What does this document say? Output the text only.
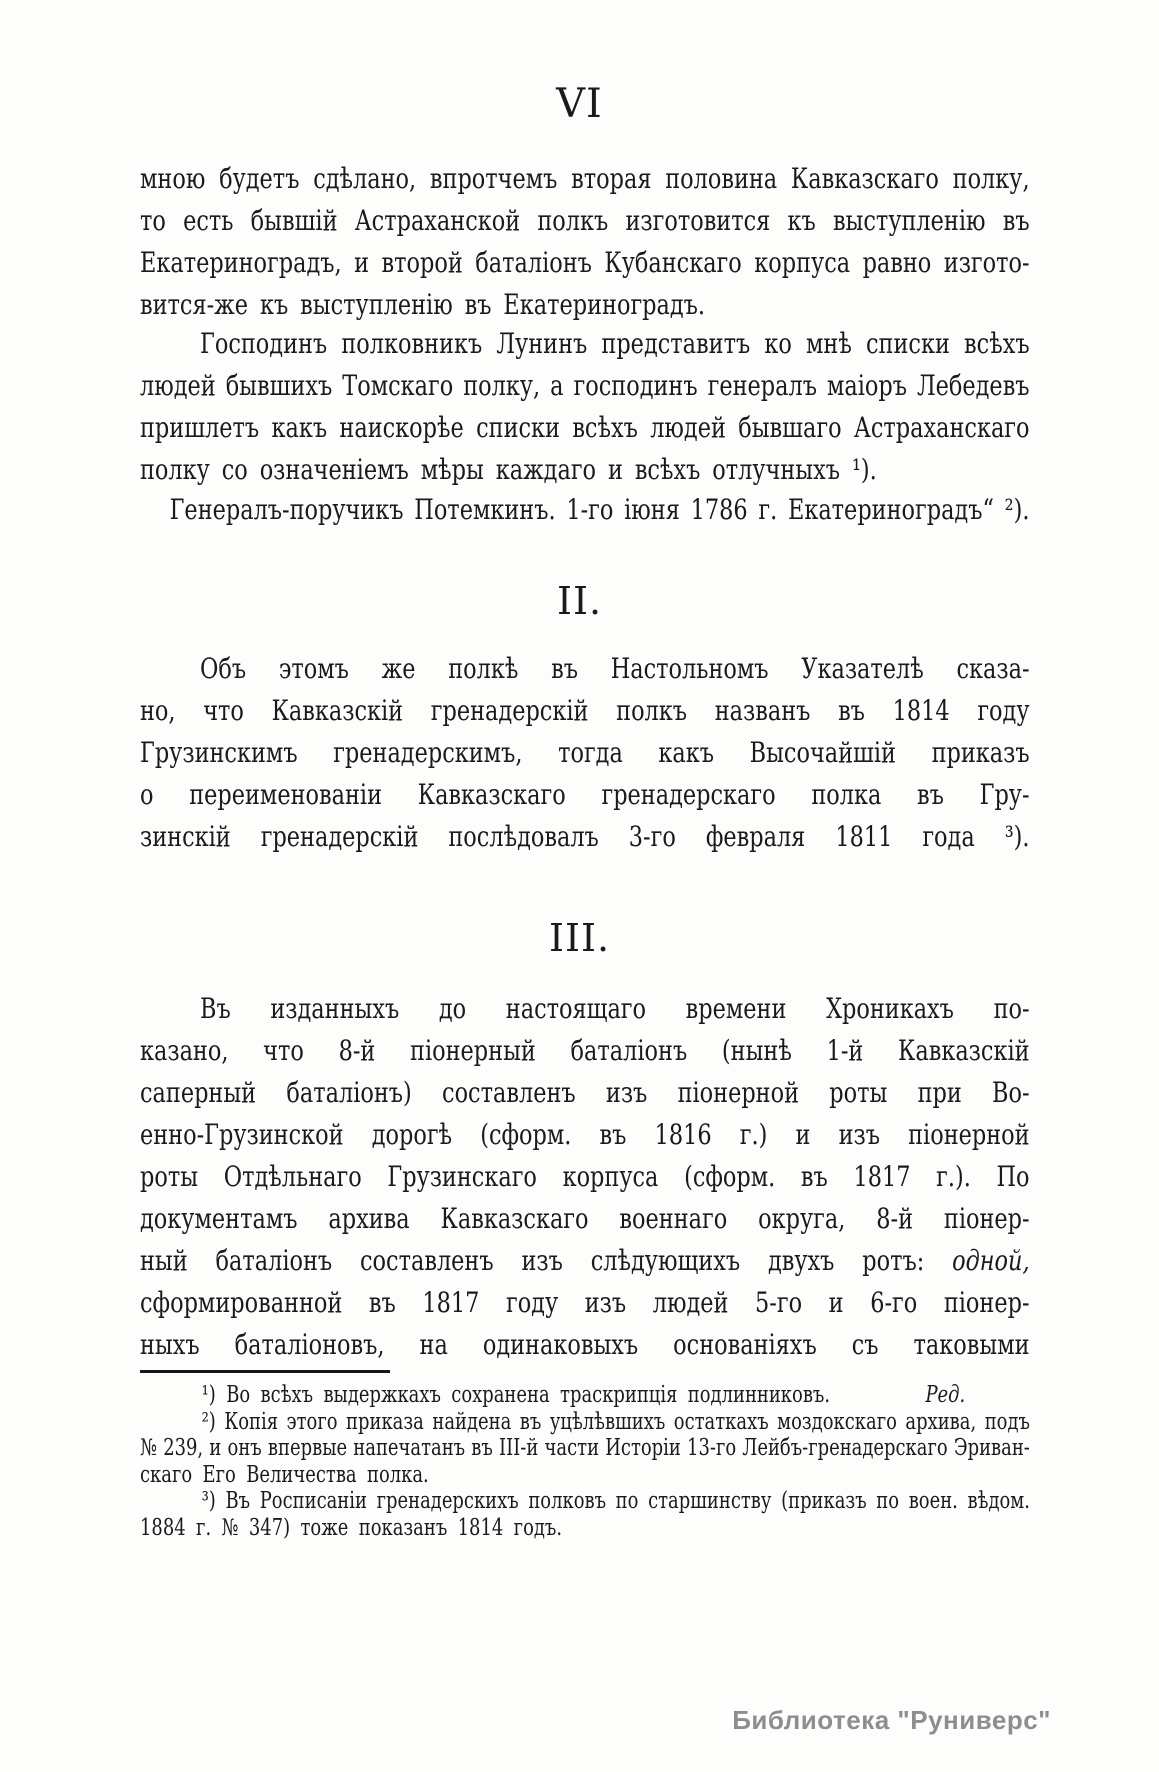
VI
мною будетъ сдѣлано, впротчемъ вторая половина Кавказскаго полку,
то есть бывшій Астраханской полкъ изготовится къ выступленію въ
Екатериноградъ, и второй баталіонъ Кубанскаго корпуса равно изгото-
вится-же къ выступленію въ Екатериноградъ.
Господинъ полковникъ Лунинъ представитъ ко мнѣ списки всѣхъ
людей бывшихъ Томскаго полку, а господинъ генералъ маіоръ Лебедевъ
пришлетъ какъ наискорѣе списки всѣхъ людей бывшаго Астраханскаго
полку со означеніемъ мѣры каждаго и всѣхъ отлучныхъ ¹).
Генералъ-поручикъ Потемкинъ. 1-го іюня 1786 г. Екатериноградъ“ ²).
II.
Объ этомъ же полкѣ въ Настольномъ Указателѣ сказа-
но, что Кавказскій гренадерскій полкъ названъ въ 1814 году
Грузинскимъ гренадерскимъ, тогда какъ Высочайшій приказъ
о переименованіи Кавказскаго гренадерскаго полка въ Гру-
зинскій гренадерскій послѣдовалъ 3-го февраля 1811 года ³).
III.
Въ изданныхъ до настоящаго времени Хроникахъ по-
казано, что 8-й піонерный баталіонъ (нынѣ 1-й Кавказскій
саперный баталіонъ) составленъ изъ піонерной роты при Во-
енно-Грузинской дорогѣ (сформ. въ 1816 г.) и изъ піонерной
роты Отдѣльнаго Грузинскаго корпуса (сформ. въ 1817 г.). По
документамъ архива Кавказскаго военнаго округа, 8-й піонер-
ный баталіонъ составленъ изъ слѣдующихъ двухъ ротъ: одной,
сформированной въ 1817 году изъ людей 5-го и 6-го піонер-
ныхъ баталіоновъ, на одинаковыхъ основаніяхъ съ таковыми
¹) Во всѣхъ выдержкахъ сохранена траскрипція подлинниковъ.	Ред.
²) Копія этого приказа найдена въ уцѣлѣвшихъ остаткахъ моздокскаго архива, подъ
№ 239, и онъ впервые напечатанъ въ III-й части Исторіи 13-го Лейбъ-гренадерскаго Эриван-
скаго Его Величества полка.
³) Въ Росписаніи гренадерскихъ полковъ по старшинству (приказъ по воен. вѣдом.
1884 г. № 347) тоже показанъ 1814 годъ.
Библиотека "Руниверс"
